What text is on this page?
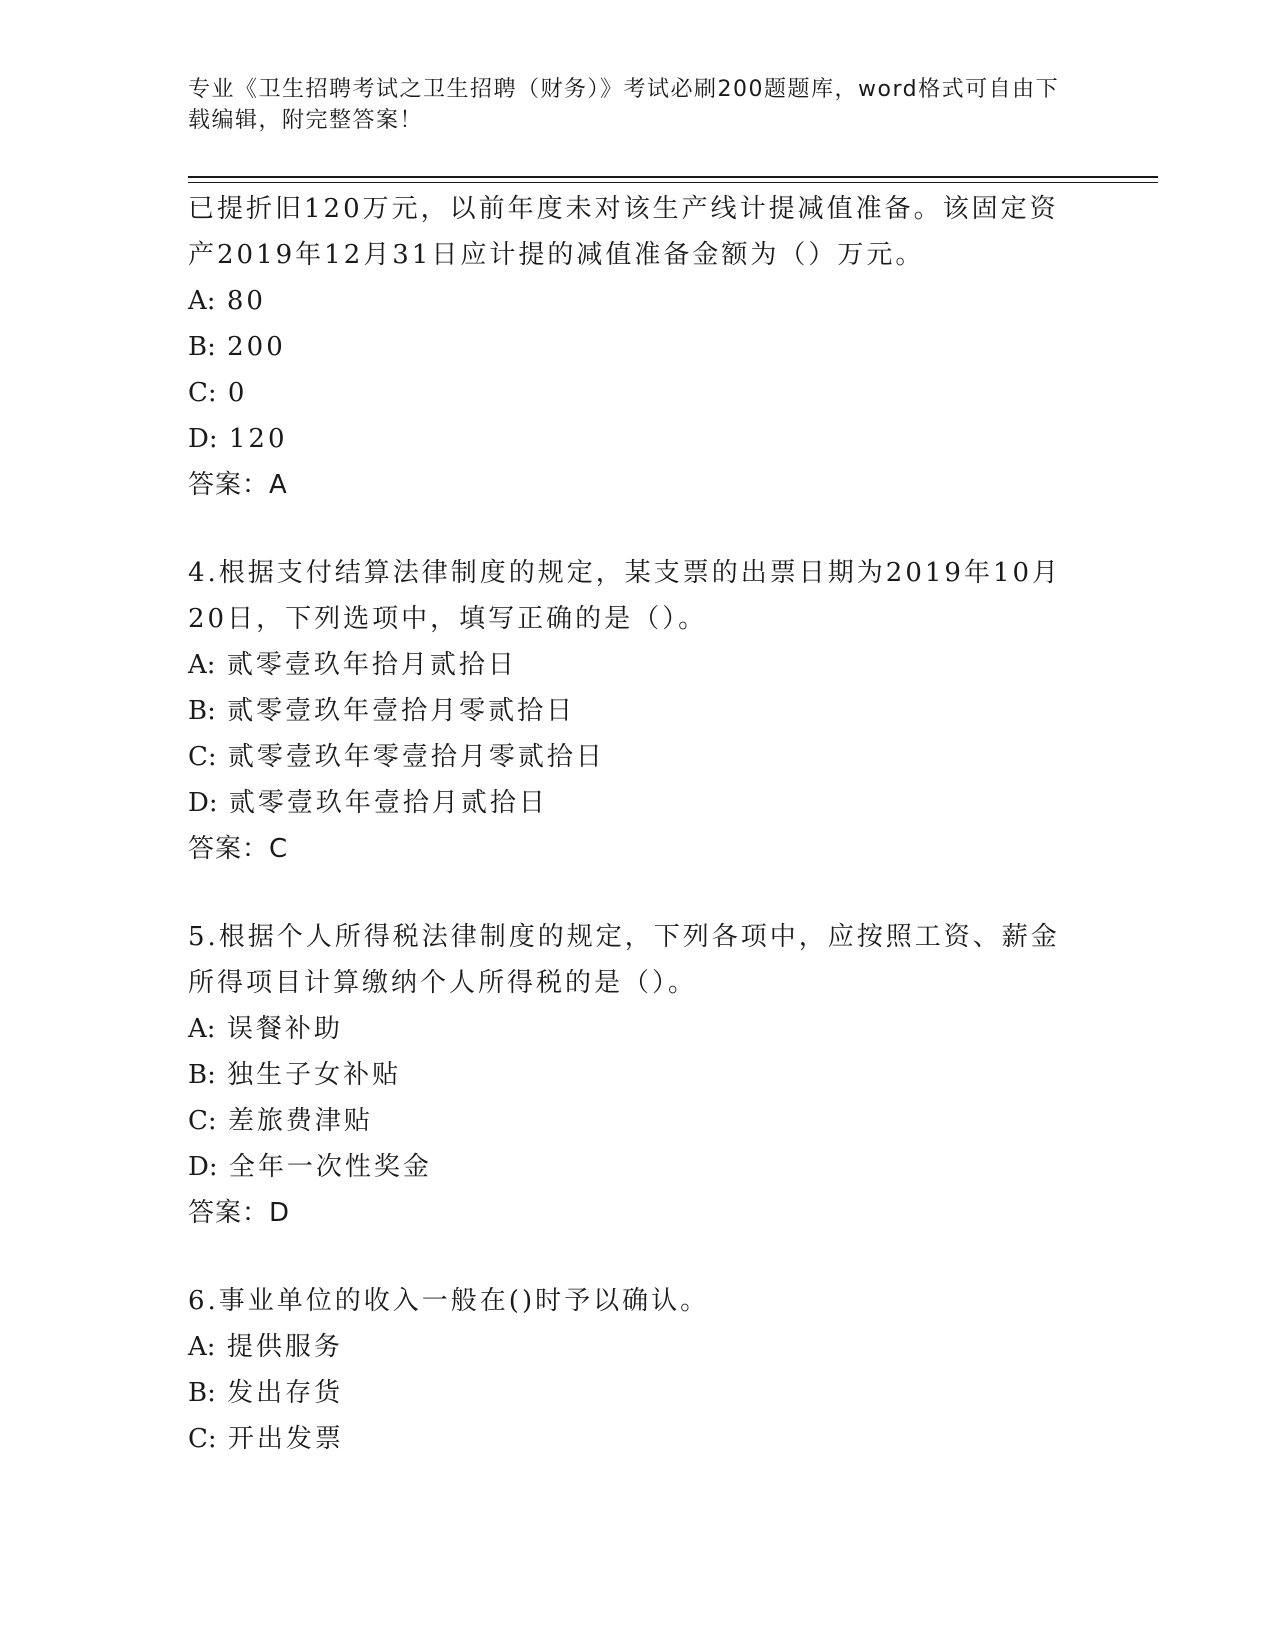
专业《卫生招聘考试之卫生招聘（财务）》考试必刷200题题库，word格式可自由下载编辑，附完整答案！

已提折旧120万元，以前年度未对该生产线计提减值准备。该固定资

产2019年12月31日应计提的减值准备金额为（）万元。

A: 80

B: 200

C: 0

D: 120

答案：A

4.根据支付结算法律制度的规定，某支票的出票日期为2019年10月

20日，下列选项中，填写正确的是（）。

A: 贰零壹玖年拾月贰拾日

B: 贰零壹玖年壹拾月零贰拾日

C: 贰零壹玖年零壹拾月零贰拾日

D: 贰零壹玖年壹拾月贰拾日

答案：C

5.根据个人所得税法律制度的规定，下列各项中，应按照工资、薪金

所得项目计算缴纳个人所得税的是（）。

A: 误餐补助

B: 独生子女补贴

C: 差旅费津贴

D: 全年一次性奖金

答案：D

6.事业单位的收入一般在()时予以确认。

A: 提供服务

B: 发出存货

C: 开出发票
